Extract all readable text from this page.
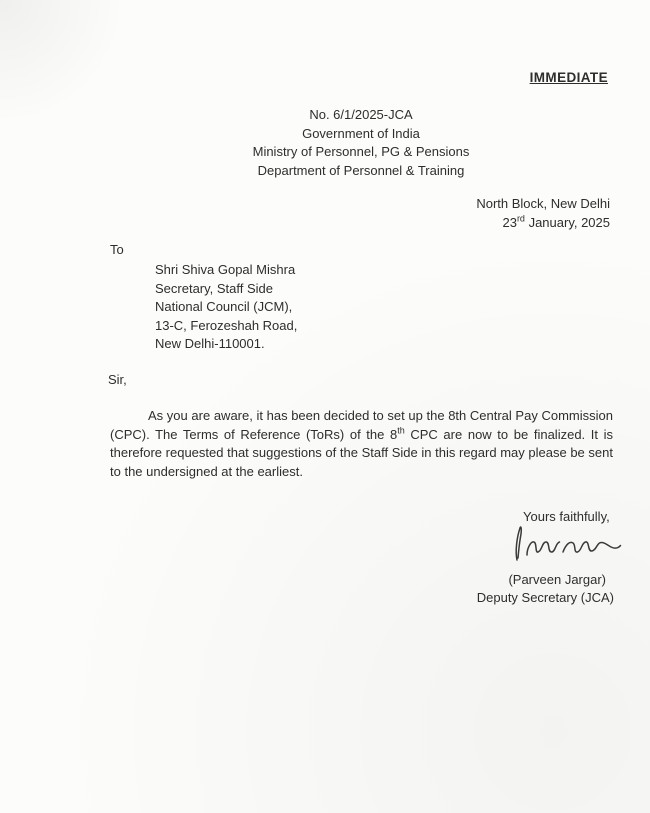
IMMEDIATE
No. 6/1/2025-JCA
Government of India
Ministry of Personnel, PG & Pensions
Department of Personnel & Training
North Block, New Delhi
23rd January, 2025
To
Shri Shiva Gopal Mishra
Secretary, Staff Side
National Council (JCM),
13-C, Ferozeshah Road,
New Delhi-110001.
Sir,
As you are aware, it has been decided to set up the 8th Central Pay Commission (CPC). The Terms of Reference (ToRs) of the 8th CPC are now to be finalized. It is therefore requested that suggestions of the Staff Side in this regard may please be sent to the undersigned at the earliest.
Yours faithfully,
(Parveen Jargar)
Deputy Secretary (JCA)
